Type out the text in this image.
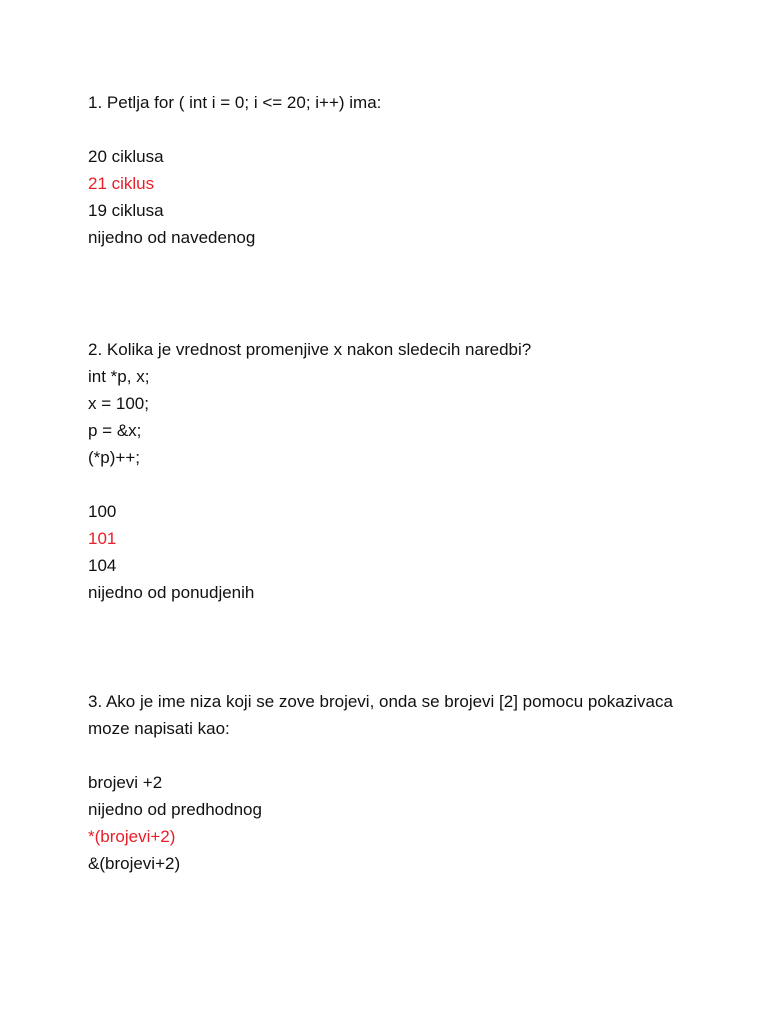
1. Petlja for ( int i = 0; i <= 20; i++) ima:
20 ciklusa
21 ciklus
19 ciklusa
nijedno od navedenog
2. Kolika je vrednost promenjive x nakon sledecih naredbi?
int *p, x;
x = 100;
p = &x;
(*p)++;
100
101
104
nijedno od ponudjenih
3. Ako je ime niza koji se zove brojevi, onda se brojevi [2] pomocu pokazivaca
moze napisati kao:
brojevi +2
nijedno od predhodnog
*(brojevi+2)
&(brojevi+2)
